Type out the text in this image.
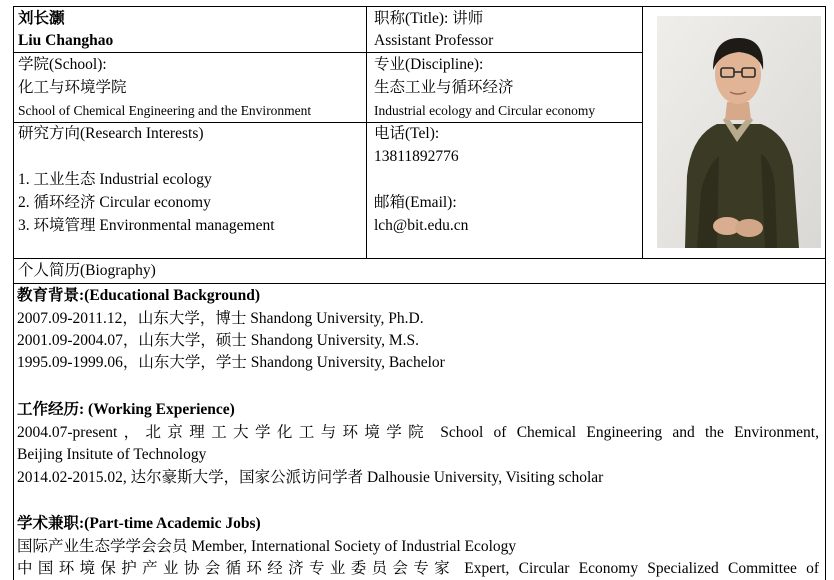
刘长灏
Liu Changhao
职称(Title): 讲师
Assistant Professor
学院(School):
化工与环境学院
School of Chemical Engineering and the Environment
专业(Discipline):
生态工业与循环经济
Industrial ecology and Circular economy
研究方向(Research Interests)
1. 工业生态 Industrial ecology
2. 循环经济 Circular economy
3. 环境管理 Environmental management
电话(Tel):
13811892776
邮箱(Email):
lch@bit.edu.cn
个人简历(Biography)
教育背景:(Educational Background)
2007.09-2011.12，山东大学，博士 Shandong University, Ph.D.
2001.09-2004.07，山东大学，硕士 Shandong University, M.S.
1995.09-1999.06，山东大学，学士 Shandong University, Bachelor
工作经历: (Working Experience)
2004.07-present，北京理工大学化工与环境学院 School of Chemical Engineering and the Environment,
Beijing Insitute of Technology
2014.02-2015.02, 达尔豪斯大学，国家公派访问学者 Dalhousie University, Visiting scholar
学术兼职:(Part-time Academic Jobs)
国际产业生态学学会会员 Member, International Society of Industrial Ecology
中国环境保护产业协会循环经济专业委员会专家 Expert, Circular Economy Specialized Committee of
